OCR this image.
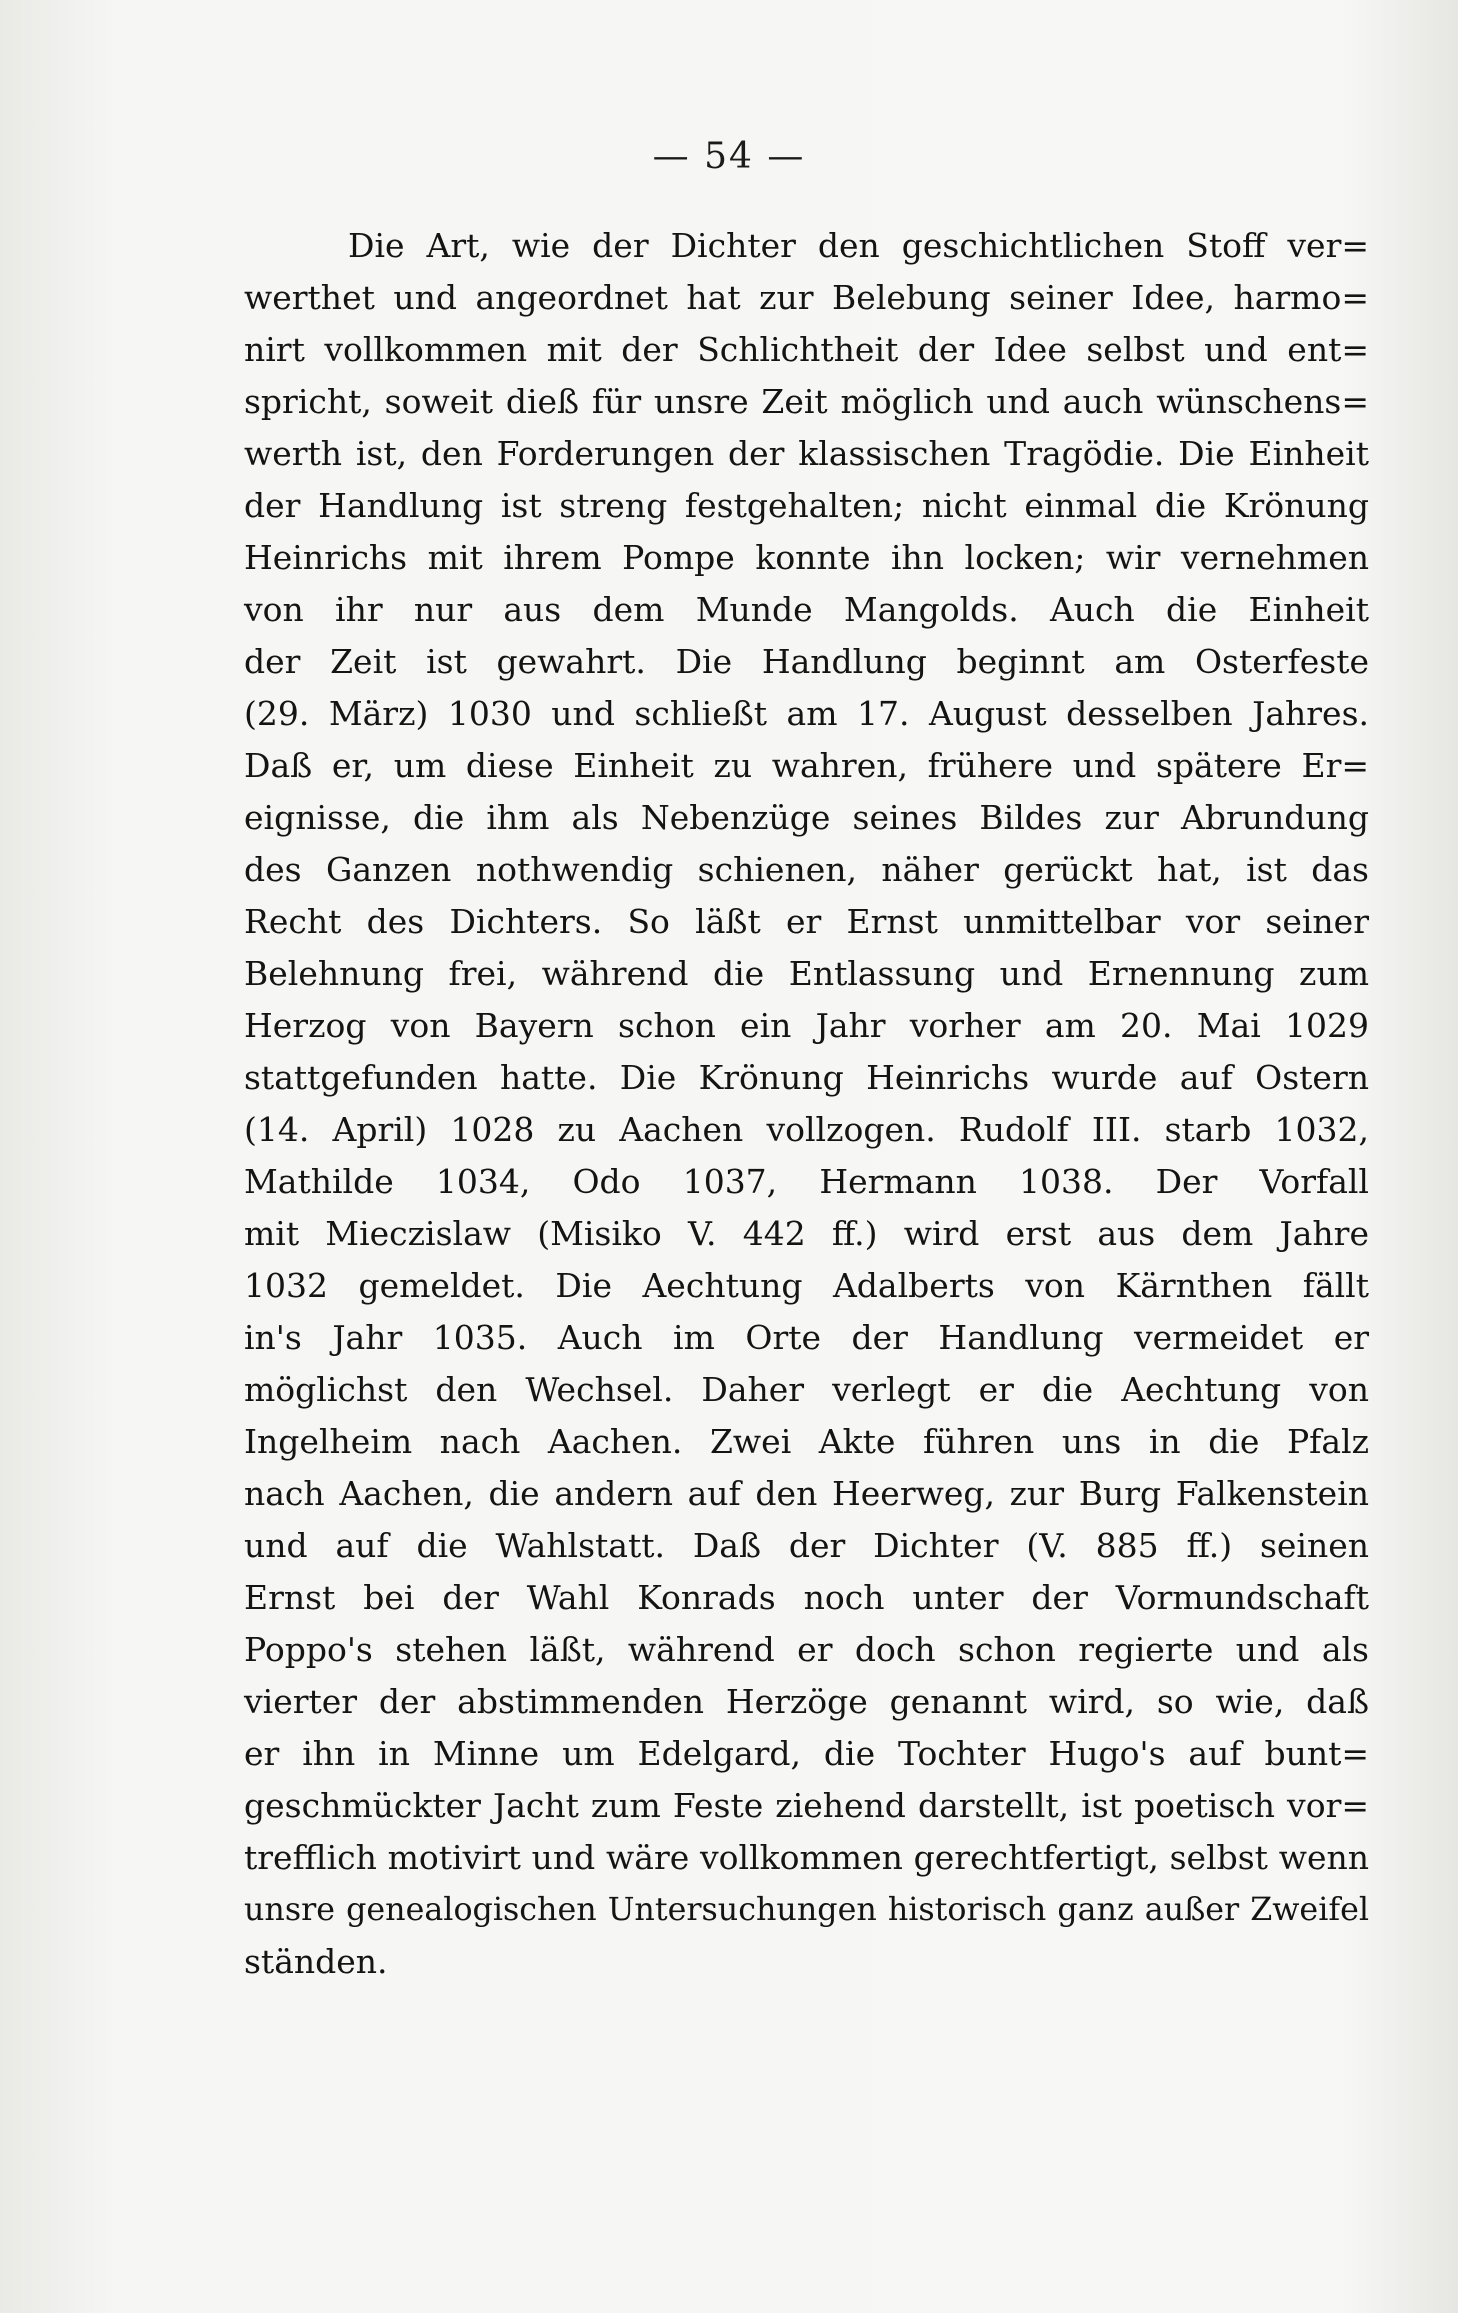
— 54 —
Die Art, wie der Dichter den geschichtlichen Stoff ver=
werthet und angeordnet hat zur Belebung seiner Idee, harmo=
nirt vollkommen mit der Schlichtheit der Idee selbst und ent=
spricht, soweit dieß für unsre Zeit möglich und auch wünschens=
werth ist, den Forderungen der klassischen Tragödie. Die Einheit
der Handlung ist streng festgehalten; nicht einmal die Krönung
Heinrichs mit ihrem Pompe konnte ihn locken; wir vernehmen
von ihr nur aus dem Munde Mangolds. Auch die Einheit
der Zeit ist gewahrt. Die Handlung beginnt am Osterfeste
(29. März) 1030 und schließt am 17. August desselben Jahres.
Daß er, um diese Einheit zu wahren, frühere und spätere Er=
eignisse, die ihm als Nebenzüge seines Bildes zur Abrundung
des Ganzen nothwendig schienen, näher gerückt hat, ist das
Recht des Dichters. So läßt er Ernst unmittelbar vor seiner
Belehnung frei, während die Entlassung und Ernennung zum
Herzog von Bayern schon ein Jahr vorher am 20. Mai 1029
stattgefunden hatte. Die Krönung Heinrichs wurde auf Ostern
(14. April) 1028 zu Aachen vollzogen. Rudolf III. starb 1032,
Mathilde 1034, Odo 1037, Hermann 1038. Der Vorfall
mit Mieczislaw (Misiko V. 442 ff.) wird erst aus dem Jahre
1032 gemeldet. Die Aechtung Adalberts von Kärnthen fällt
in's Jahr 1035. Auch im Orte der Handlung vermeidet er
möglichst den Wechsel. Daher verlegt er die Aechtung von
Ingelheim nach Aachen. Zwei Akte führen uns in die Pfalz
nach Aachen, die andern auf den Heerweg, zur Burg Falkenstein
und auf die Wahlstatt. Daß der Dichter (V. 885 ff.) seinen
Ernst bei der Wahl Konrads noch unter der Vormundschaft
Poppo's stehen läßt, während er doch schon regierte und als
vierter der abstimmenden Herzöge genannt wird, so wie, daß
er ihn in Minne um Edelgard, die Tochter Hugo's auf bunt=
geschmückter Jacht zum Feste ziehend darstellt, ist poetisch vor=
trefflich motivirt und wäre vollkommen gerechtfertigt, selbst wenn
unsre genealogischen Untersuchungen historisch ganz außer Zweifel
ständen.
